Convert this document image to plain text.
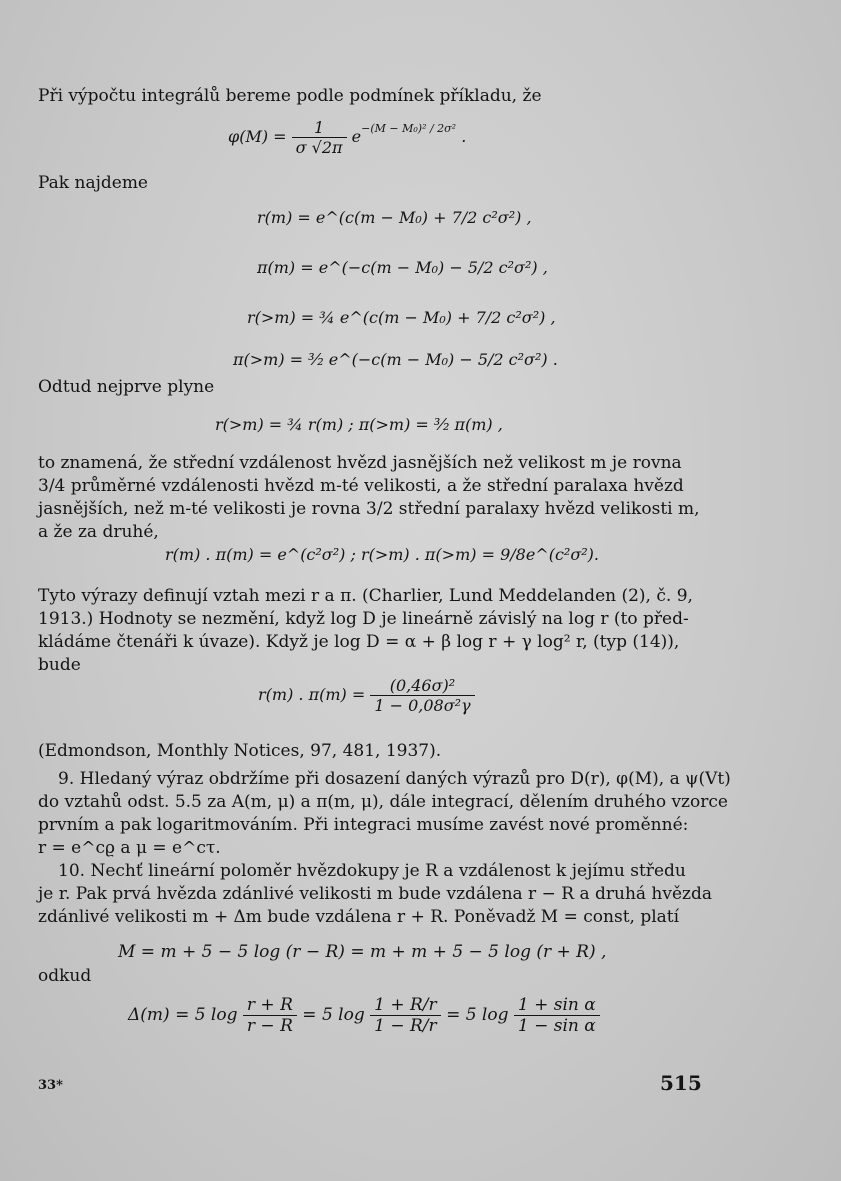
Při výpočtu integrálů bereme podle podmínek příkladu, že
$\varphi(M) = \frac{1}{\sigma √2\pi} e^{-(M - M_0)^2 / 2\sigma^2}$ .
Pak najdeme
r(m) = e^(c(m − M₀) + 7/2 c²σ²) ,
π(m) = e^(−c(m − M₀) − 5/2 c²σ²) ,
r(>m) = ¾ e^(c(m − M₀) + 7/2 c²σ²) ,
π(>m) = ³⁄₂ e^(−c(m − M₀) − 5/2 c²σ²) .
Odtud nejprve plyne
r(>m) = ¾ r(m) ; π(>m) = ³⁄₂ π(m) ,
to znamená, že střední vzdálenost hvězd jasnějších než velikost m je rovna
3/4 průměrné vzdálenosti hvězd m-té velikosti, a že střední paralaxa hvězd
jasnějších, než m-té velikosti je rovna 3/2 střední paralaxy hvězd velikosti m,
a že za druhé,
r(m) . π(m) = e^(c²σ²) ; r(>m) . π(>m) = 9/8e^(c²σ²).
Tyto výrazy definují vztah mezi r a π. (Charlier, Lund Meddelanden (2), č. 9,
1913.) Hodnoty se nezmění, když log D je lineárně závislý na log r (to před-
kládáme čtenáři k úvaze). Když je log D = α + β log r + γ log² r, (typ (14)),
bude
r(m) . $\pi(m) = \frac{\text{(0,46σ)²}}{\text{1 − 0,08σ²γ}}$
(Edmondson, Monthly Notices, 97, 481, 1937).
9. Hledaný výraz obdržíme při dosazení daných výrazů pro D(r), φ(M), a ψ(Vt)
do vztahů odst. 5.5 za A(m, μ) a π(m, μ), dále integrací, dělením druhého vzorce
prvním a pak logaritmováním. Při integraci musíme zavést nové proměnné:
r = e^cϱ a μ = e^cτ.
10. Nechť lineární poloměr hvězdokupy je R a vzdálenost k jejímu středu
je r. Pak prvá hvězda zdánlivé velikosti m bude vzdálena r − R a druhá hvězda
zdánlivé velikosti m + Δm bude vzdálena r + R. Poněvadž M = const, platí
M = m + 5 − 5 log (r − R) = m + m + 5 − 5 log (r + R) ,
odkud
Δ(m) = 5 $\log \frac{r + R}{r - R} = 5$ $\log \frac{1 + R/r}{1 - R/r} = 5$ $\log \frac{\text{1 + sin α}}{\text{1 − sin α}}$
33*	515
